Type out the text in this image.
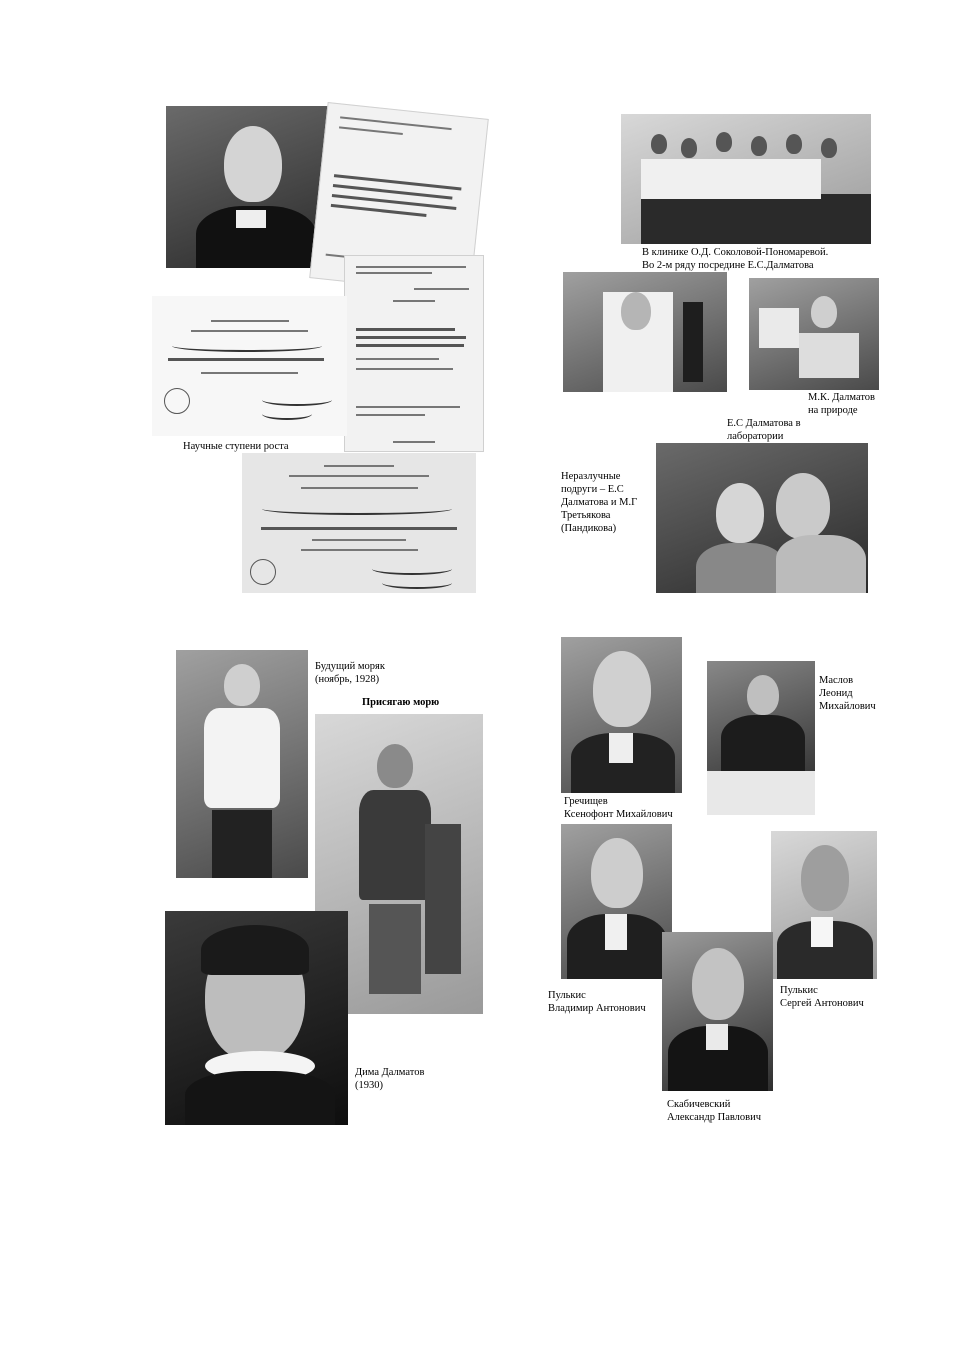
Научные ступени роста
В клинике О.Д. Соколовой-Пономаревой.
Во 2-м ряду посредине Е.С.Далматова
М.К. Далматов
на природе
Е.С Далматова в
лаборатории
Неразлучные
подруги – Е.С
Далматова и М.Г
Третьякова
(Пандикова)
Будущий моряк
(ноябрь, 1928)
Присягаю морю
Дима Далматов
(1930)
Гречищев
Ксенофонт Михайлович
Маслов
Леонид
Михайлович
Пулькис
Владимир Антонович
Пулькис
Сергей Антонович
Скабичевский
Александр Павлович
